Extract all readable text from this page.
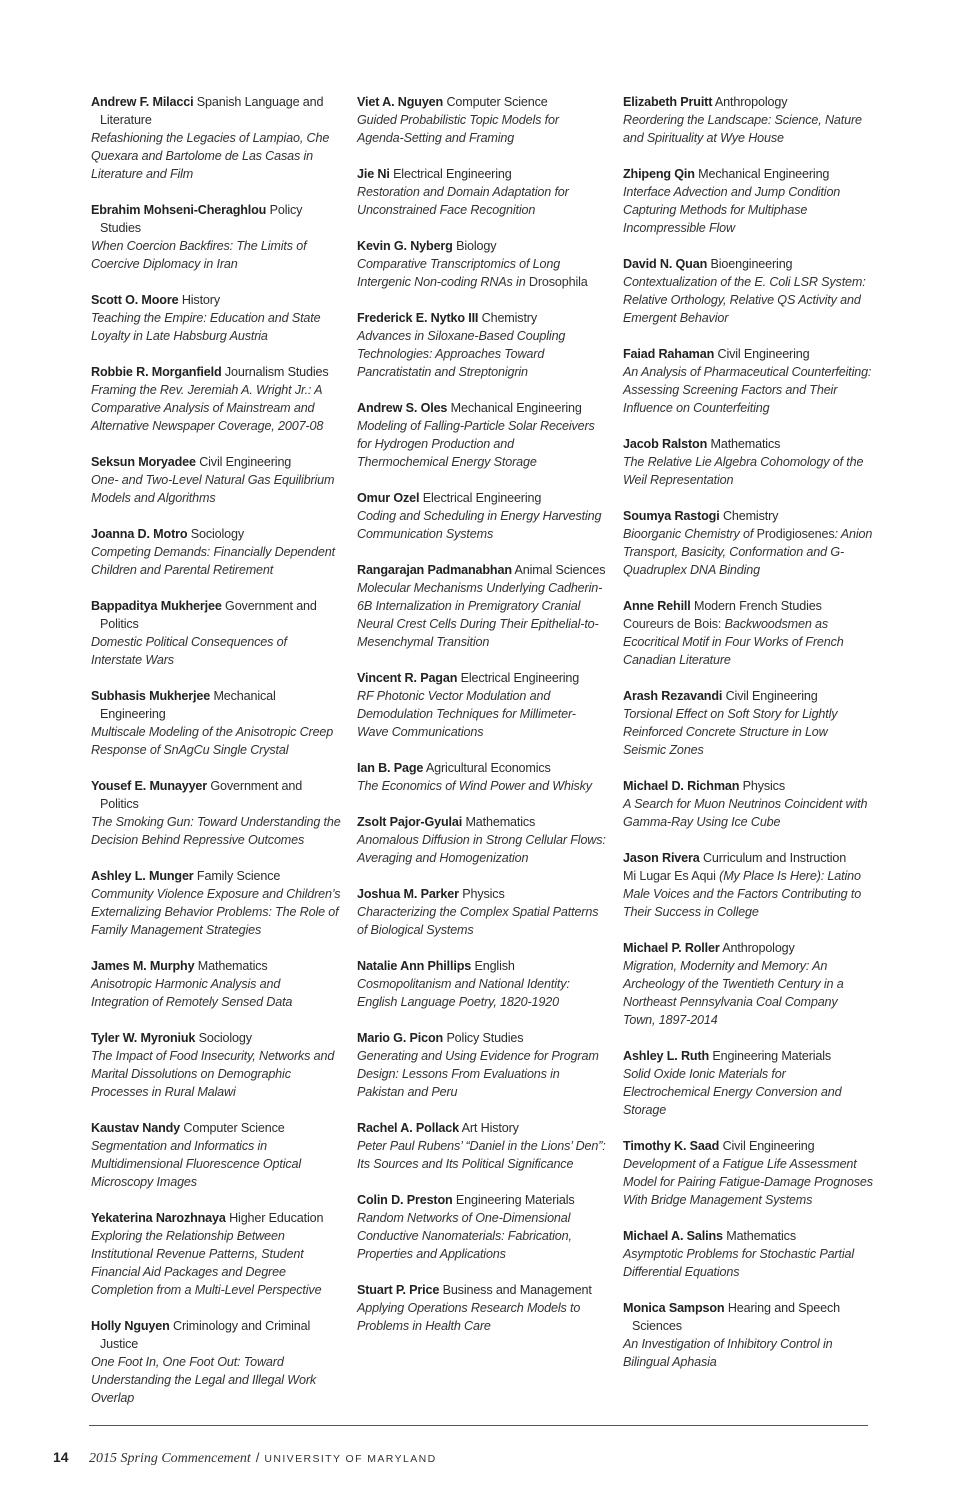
Andrew F. Milacci Spanish Language and Literature
Refashioning the Legacies of Lampiao, Che Quexara and Bartolome de Las Casas in Literature and Film
Ebrahim Mohseni-Cheraghlou Policy Studies
When Coercion Backfires: The Limits of Coercive Diplomacy in Iran
Scott O. Moore History
Teaching the Empire: Education and State Loyalty in Late Habsburg Austria
Robbie R. Morganfield Journalism Studies
Framing the Rev. Jeremiah A. Wright Jr.: A Comparative Analysis of Mainstream and Alternative Newspaper Coverage, 2007-08
Seksun Moryadee Civil Engineering
One- and Two-Level Natural Gas Equilibrium Models and Algorithms
Joanna D. Motro Sociology
Competing Demands: Financially Dependent Children and Parental Retirement
Bappaditya Mukherjee Government and Politics
Domestic Political Consequences of Interstate Wars
Subhasis Mukherjee Mechanical Engineering
Multiscale Modeling of the Anisotropic Creep Response of SnAgCu Single Crystal
Yousef E. Munayyer Government and Politics
The Smoking Gun: Toward Understanding the Decision Behind Repressive Outcomes
Ashley L. Munger Family Science
Community Violence Exposure and Children’s Externalizing Behavior Problems: The Role of Family Management Strategies
James M. Murphy Mathematics
Anisotropic Harmonic Analysis and Integration of Remotely Sensed Data
Tyler W. Myroniuk Sociology
The Impact of Food Insecurity, Networks and Marital Dissolutions on Demographic Processes in Rural Malawi
Kaustav Nandy Computer Science
Segmentation and Informatics in Multidimensional Fluorescence Optical Microscopy Images
Yekaterina Narozhnaya Higher Education
Exploring the Relationship Between Institutional Revenue Patterns, Student Financial Aid Packages and Degree Completion from a Multi-Level Perspective
Holly Nguyen Criminology and Criminal Justice
One Foot In, One Foot Out: Toward Understanding the Legal and Illegal Work Overlap
Viet A. Nguyen Computer Science
Guided Probabilistic Topic Models for Agenda-Setting and Framing
Jie Ni Electrical Engineering
Restoration and Domain Adaptation for Unconstrained Face Recognition
Kevin G. Nyberg Biology
Comparative Transcriptomics of Long Intergenic Non-coding RNAs in Drosophila
Frederick E. Nytko III Chemistry
Advances in Siloxane-Based Coupling Technologies: Approaches Toward Pancratistatin and Streptonigrin
Andrew S. Oles Mechanical Engineering
Modeling of Falling-Particle Solar Receivers for Hydrogen Production and Thermochemical Energy Storage
Omur Ozel Electrical Engineering
Coding and Scheduling in Energy Harvesting Communication Systems
Rangarajan Padmanabhan Animal Sciences
Molecular Mechanisms Underlying Cadherin-6B Internalization in Premigratory Cranial Neural Crest Cells During Their Epithelial-to-Mesenchymal Transition
Vincent R. Pagan Electrical Engineering
RF Photonic Vector Modulation and Demodulation Techniques for Millimeter-Wave Communications
Ian B. Page Agricultural Economics
The Economics of Wind Power and Whisky
Zsolt Pajor-Gyulai Mathematics
Anomalous Diffusion in Strong Cellular Flows: Averaging and Homogenization
Joshua M. Parker Physics
Characterizing the Complex Spatial Patterns of Biological Systems
Natalie Ann Phillips English
Cosmopolitanism and National Identity: English Language Poetry, 1820-1920
Mario G. Picon Policy Studies
Generating and Using Evidence for Program Design: Lessons From Evaluations in Pakistan and Peru
Rachel A. Pollack Art History
Peter Paul Rubens’ “Daniel in the Lions’ Den”: Its Sources and Its Political Significance
Colin D. Preston Engineering Materials
Random Networks of One-Dimensional Conductive Nanomaterials: Fabrication, Properties and Applications
Stuart P. Price Business and Management
Applying Operations Research Models to Problems in Health Care
Elizabeth Pruitt Anthropology
Reordering the Landscape: Science, Nature and Spirituality at Wye House
Zhipeng Qin Mechanical Engineering
Interface Advection and Jump Condition Capturing Methods for Multiphase Incompressible Flow
David N. Quan Bioengineering
Contextualization of the E. Coli LSR System: Relative Orthology, Relative QS Activity and Emergent Behavior
Faiad Rahaman Civil Engineering
An Analysis of Pharmaceutical Counterfeiting: Assessing Screening Factors and Their Influence on Counterfeiting
Jacob Ralston Mathematics
The Relative Lie Algebra Cohomology of the Weil Representation
Soumya Rastogi Chemistry
Bioorganic Chemistry of Prodigiosenes: Anion Transport, Basicity, Conformation and G-Quadruplex DNA Binding
Anne Rehill Modern French Studies
Coureurs de Bois: Backwoodsmen as Ecocritical Motif in Four Works of French Canadian Literature
Arash Rezavandi Civil Engineering
Torsional Effect on Soft Story for Lightly Reinforced Concrete Structure in Low Seismic Zones
Michael D. Richman Physics
A Search for Muon Neutrinos Coincident with Gamma-Ray Using Ice Cube
Jason Rivera Curriculum and Instruction
Mi Lugar Es Aqui (My Place Is Here): Latino Male Voices and the Factors Contributing to Their Success in College
Michael P. Roller Anthropology
Migration, Modernity and Memory: An Archeology of the Twentieth Century in a Northeast Pennsylvania Coal Company Town, 1897-2014
Ashley L. Ruth Engineering Materials
Solid Oxide Ionic Materials for Electrochemical Energy Conversion and Storage
Timothy K. Saad Civil Engineering
Development of a Fatigue Life Assessment Model for Pairing Fatigue-Damage Prognoses With Bridge Management Systems
Michael A. Salins Mathematics
Asymptotic Problems for Stochastic Partial Differential Equations
Monica Sampson Hearing and Speech Sciences
An Investigation of Inhibitory Control in Bilingual Aphasia
14 2015 Spring Commencement / UNIVERSITY OF MARYLAND
